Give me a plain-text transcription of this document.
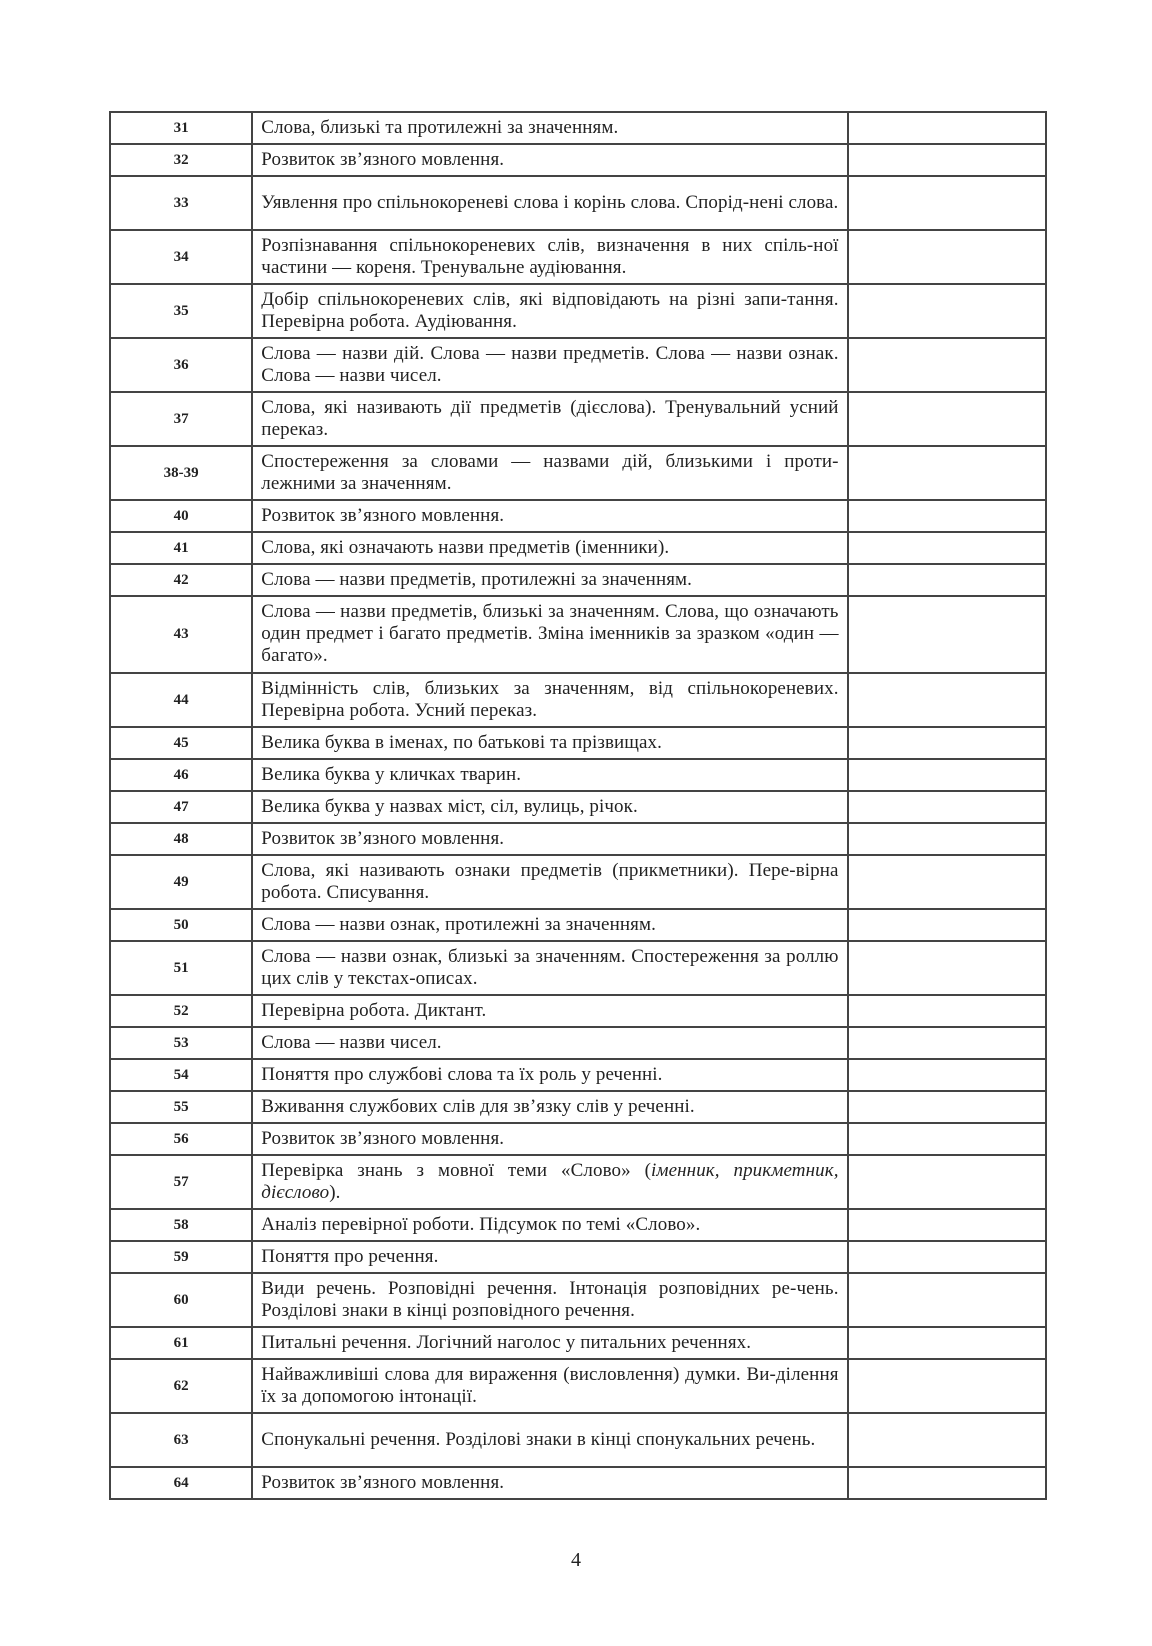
31	Слова, близькі та протилежні за значенням.	
32	Розвиток зв’язного мовлення.	
33	Уявлення про спільнокореневі слова і корінь слова. Спорід-нені слова.	
34	Розпізнавання спільнокореневих слів, визначення в них спіль-ної частини — кореня. Тренувальне аудіювання.	
35	Добір спільнокореневих слів, які відповідають на різні запи-тання. Перевірна робота. Аудіювання.	
36	Слова — назви дій. Слова — назви предметів. Слова — назви ознак. Слова — назви чисел.	
37	Слова, які називають дії предметів (дієслова). Тренувальний усний переказ.	
38-39	Спостереження за словами — назвами дій, близькими і проти-лежними за значенням.	
40	Розвиток зв’язного мовлення.	
41	Слова, які означають назви предметів (іменники).	
42	Слова — назви предметів, протилежні за значенням.	
43	Слова — назви предметів, близькі за значенням. Слова, що означають один предмет і багато предметів. Зміна іменників за зразком «один — багато».	
44	Відмінність слів, близьких за значенням, від спільнокореневих. Перевірна робота. Усний переказ.	
45	Велика буква в іменах, по батькові та прізвищах.	
46	Велика буква у кличках тварин.	
47	Велика буква у назвах міст, сіл, вулиць, річок.	
48	Розвиток зв’язного мовлення.	
49	Слова, які називають ознаки предметів (прикметники). Пере-вірна робота. Списування.	
50	Слова — назви ознак, протилежні за значенням.	
51	Слова — назви ознак, близькі за значенням. Спостереження за роллю цих слів у текстах-описах.	
52	Перевірна робота. Диктант.	
53	Слова — назви чисел.	
54	Поняття про службові слова та їх роль у реченні.	
55	Вживання службових слів для зв’язку слів у реченні.	
56	Розвиток зв’язного мовлення.	
57	Перевірка знань з мовної теми «Слово» (іменник, прикметник, дієслово).	
58	Аналіз перевірної роботи. Підсумок по темі «Слово».	
59	Поняття про речення.	
60	Види речень. Розповідні речення. Інтонація розповідних ре-чень. Розділові знаки в кінці розповідного речення.	
61	Питальні речення. Логічний наголос у питальних реченнях.	
62	Найважливіші слова для вираження (висловлення) думки. Ви-ділення їх за допомогою інтонації.	
63	Спонукальні речення. Розділові знаки в кінці спонукальних речень.	
64	Розвиток зв’язного мовлення.	
4
